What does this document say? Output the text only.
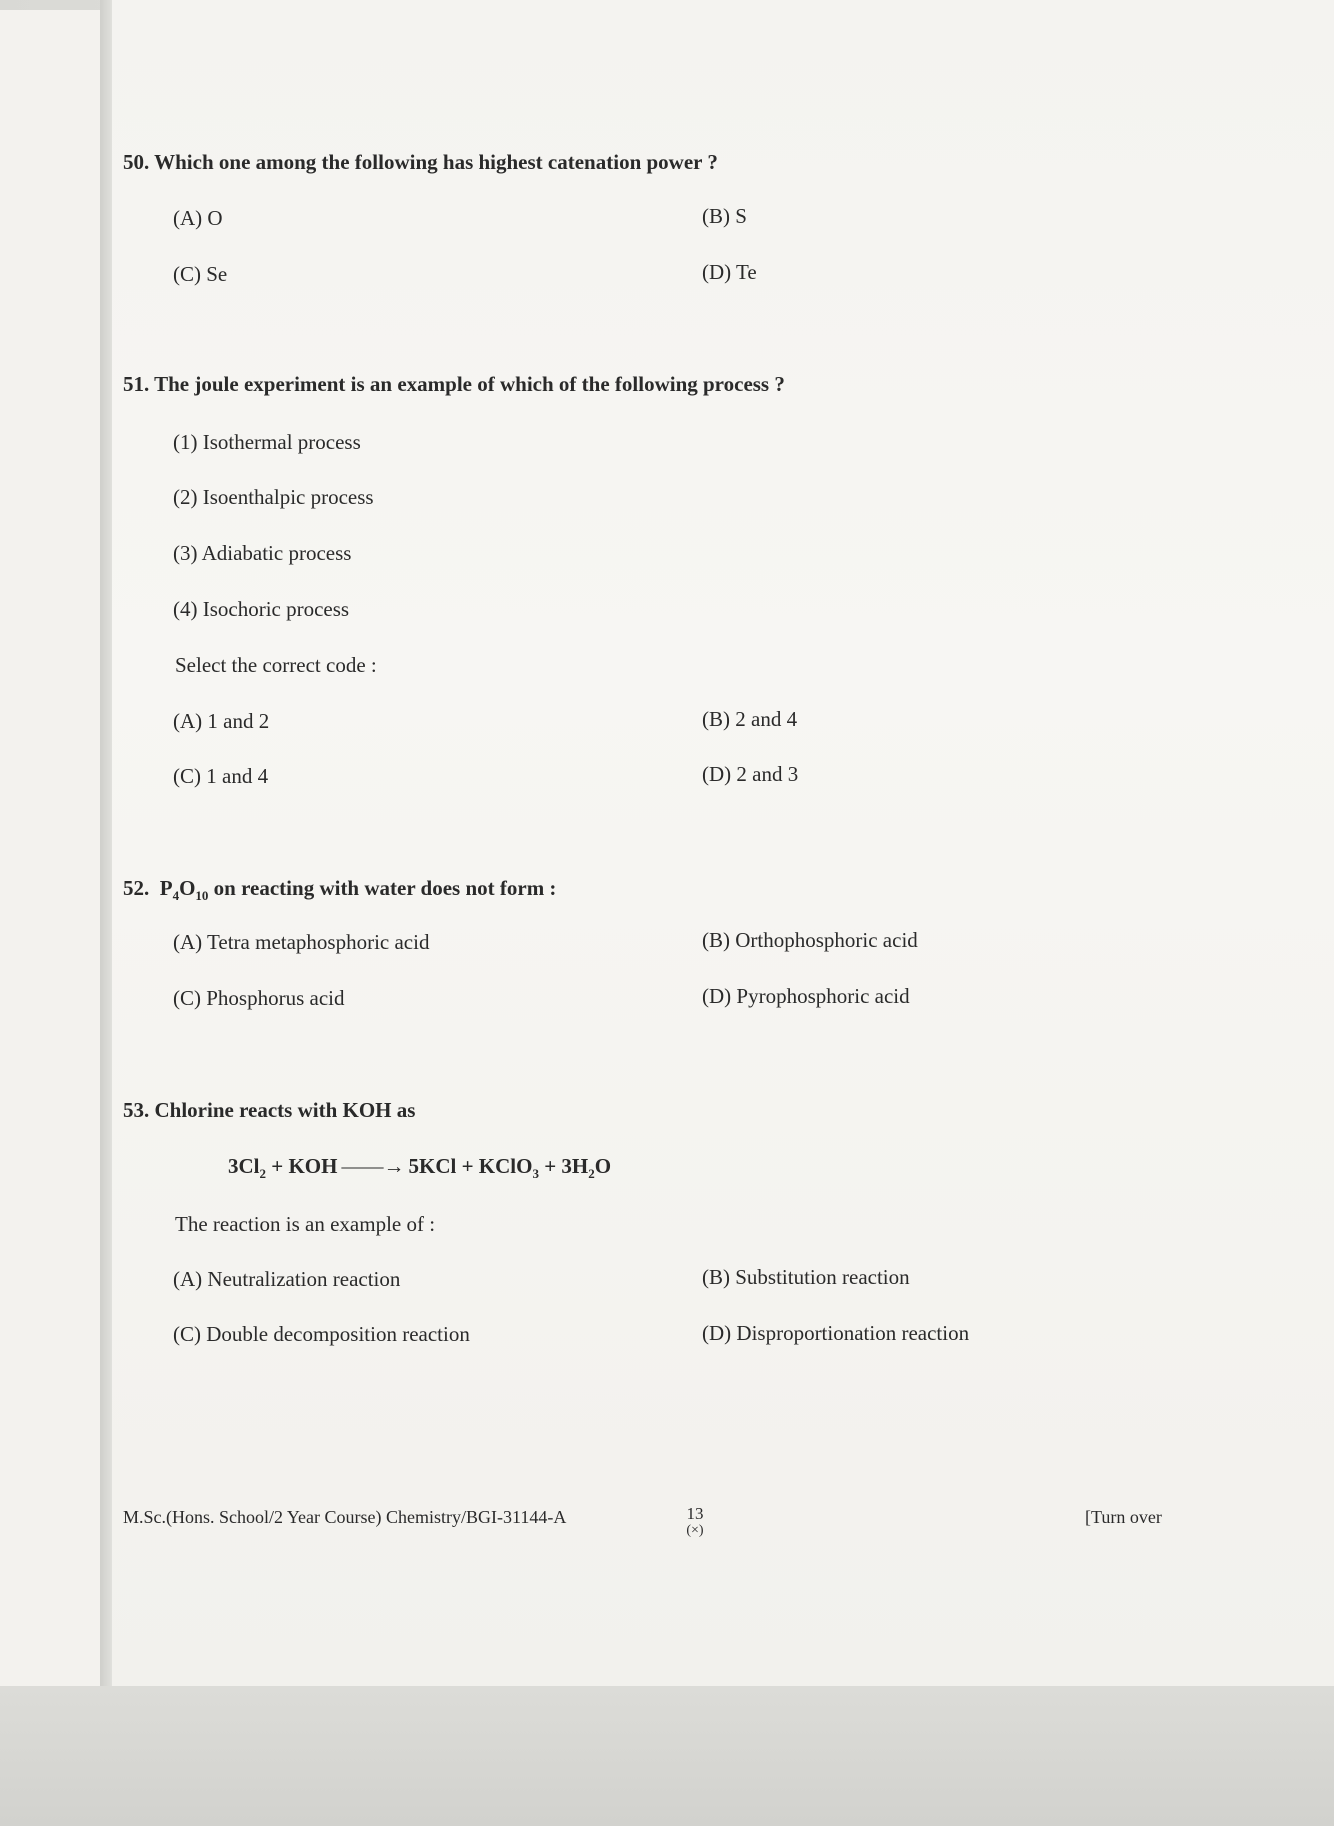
50. Which one among the following has highest catenation power ?
(A) O	(B) S
(C) Se	(D) Te
51. The joule experiment is an example of which of the following process ?
(1) Isothermal process
(2) Isoenthalpic process
(3) Adiabatic process
(4) Isochoric process
Select the correct code :
(A) 1 and 2	(B) 2 and 4
(C) 1 and 4	(D) 2 and 3
52. $P_4O_{10}$ on reacting with water does not form :
(A) Tetra metaphosphoric acid	(B) Orthophosphoric acid
(C) Phosphorus acid	(D) Pyrophosphoric acid
53. Chlorine reacts with KOH as
$3Cl_2$ + KOH ——→ 5KCl + KClO$_3$ + $3H_2O$
The reaction is an example of :
(A) Neutralization reaction	(B) Substitution reaction
(C) Double decomposition reaction	(D) Disproportionation reaction
M.Sc.(Hons. School/2 Year Course) Chemistry/BGI-31144-A	13
(×)
[Turn over
